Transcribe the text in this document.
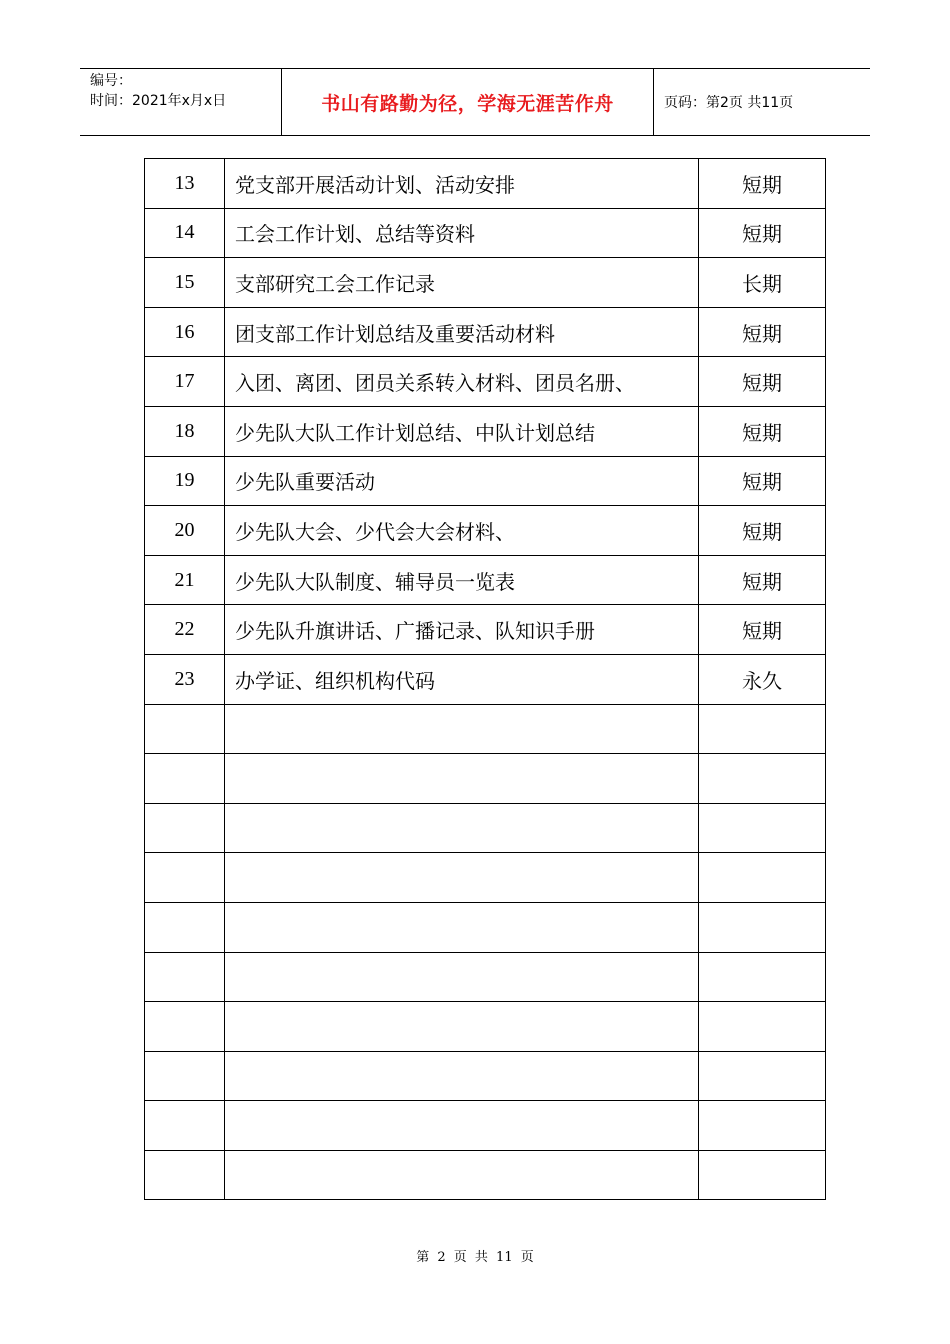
编号：
时间：2021年x月x日	书山有路勤为径，学海无涯苦作舟	页码：第2页 共11页
13	党支部开展活动计划、活动安排	短期
14	工会工作计划、总结等资料	短期
15	支部研究工会工作记录	长期
16	团支部工作计划总结及重要活动材料	短期
17	入团、离团、团员关系转入材料、团员名册、	短期
18	少先队大队工作计划总结、中队计划总结	短期
19	少先队重要活动	短期
20	少先队大会、少代会大会材料、	短期
21	少先队大队制度、辅导员一览表	短期
22	少先队升旗讲话、广播记录、队知识手册	短期
23	办学证、组织机构代码	永久

第 2 页 共 11 页
